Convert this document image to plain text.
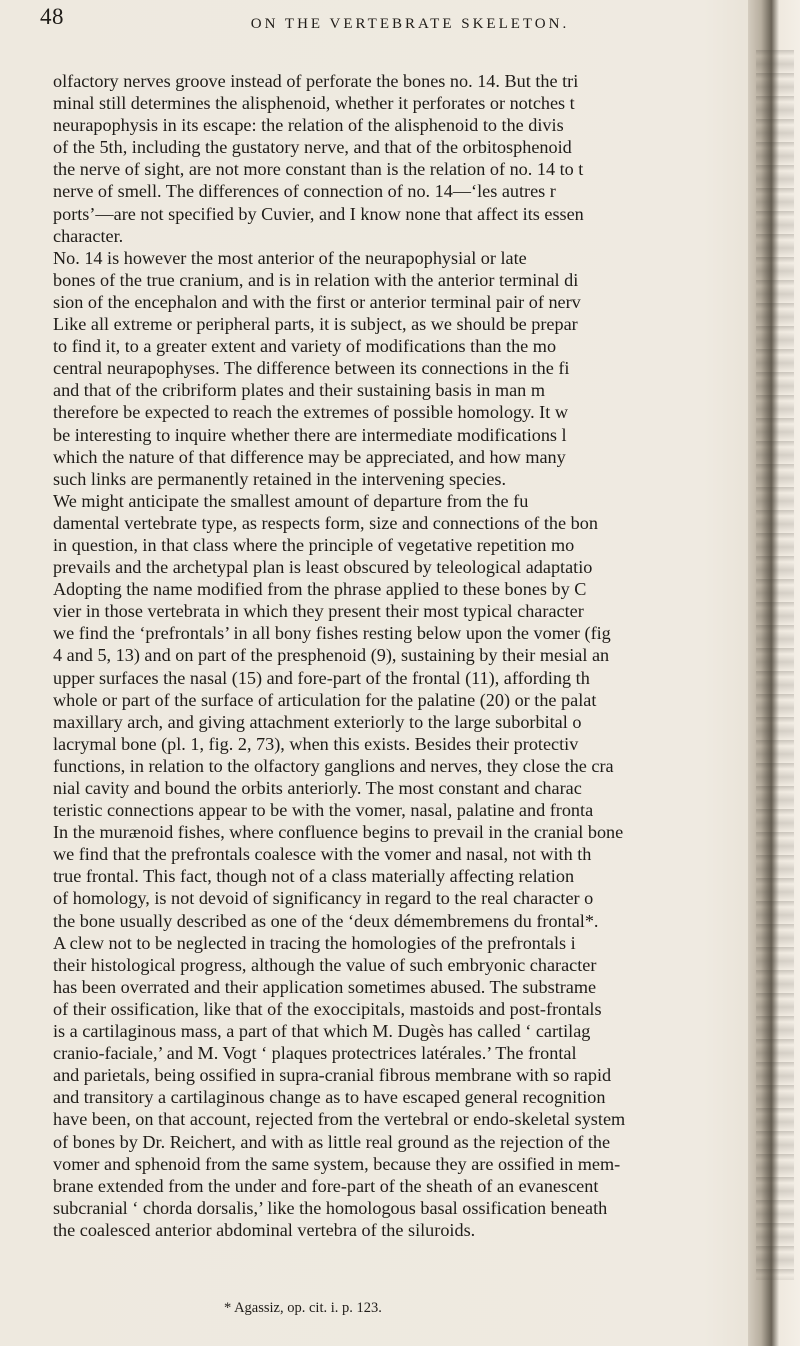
48	ON THE VERTEBRATE SKELETON.
olfactory nerves groove instead of perforate the bones no. 14. But the tri
minal still determines the alisphenoid, whether it perforates or notches t
neurapophysis in its escape: the relation of the alisphenoid to the divis
of the 5th, including the gustatory nerve, and that of the orbitosphenoid
the nerve of sight, are not more constant than is the relation of no. 14 to t
nerve of smell. The differences of connection of no. 14—‘les autres r
ports’—are not specified by Cuvier, and I know none that affect its essen
character.
No. 14 is however the most anterior of the neurapophysial or late
bones of the true cranium, and is in relation with the anterior terminal di
sion of the encephalon and with the first or anterior terminal pair of nerv
Like all extreme or peripheral parts, it is subject, as we should be prepar
to find it, to a greater extent and variety of modifications than the mo
central neurapophyses. The difference between its connections in the fi
and that of the cribriform plates and their sustaining basis in man m
therefore be expected to reach the extremes of possible homology. It w
be interesting to inquire whether there are intermediate modifications l
which the nature of that difference may be appreciated, and how many
such links are permanently retained in the intervening species.
We might anticipate the smallest amount of departure from the fu
damental vertebrate type, as respects form, size and connections of the bon
in question, in that class where the principle of vegetative repetition mo
prevails and the archetypal plan is least obscured by teleological adaptatio
Adopting the name modified from the phrase applied to these bones by C
vier in those vertebrata in which they present their most typical character
we find the ‘prefrontals’ in all bony fishes resting below upon the vomer (fig
4 and 5, 13) and on part of the presphenoid (9), sustaining by their mesial an
upper surfaces the nasal (15) and fore-part of the frontal (11), affording th
whole or part of the surface of articulation for the palatine (20) or the palat
maxillary arch, and giving attachment exteriorly to the large suborbital o
lacrymal bone (pl. 1, fig. 2, 73), when this exists. Besides their protectiv
functions, in relation to the olfactory ganglions and nerves, they close the cra
nial cavity and bound the orbits anteriorly. The most constant and charac
teristic connections appear to be with the vomer, nasal, palatine and fronta
In the murænoid fishes, where confluence begins to prevail in the cranial bone
we find that the prefrontals coalesce with the vomer and nasal, not with th
true frontal. This fact, though not of a class materially affecting relation
of homology, is not devoid of significancy in regard to the real character o
the bone usually described as one of the ‘deux démembremens du frontal*.
A clew not to be neglected in tracing the homologies of the prefrontals i
their histological progress, although the value of such embryonic character
has been overrated and their application sometimes abused. The substrame
of their ossification, like that of the exoccipitals, mastoids and post-frontals
is a cartilaginous mass, a part of that which M. Dugès has called ‘ cartilag
cranio-faciale,’ and M. Vogt ‘ plaques protectrices latérales.’ The frontal
and parietals, being ossified in supra-cranial fibrous membrane with so rapid
and transitory a cartilaginous change as to have escaped general recognition
have been, on that account, rejected from the vertebral or endo-skeletal system
of bones by Dr. Reichert, and with as little real ground as the rejection of the
vomer and sphenoid from the same system, because they are ossified in mem-
brane extended from the under and fore-part of the sheath of an evanescent
subcranial ‘ chorda dorsalis,’ like the homologous basal ossification beneath
the coalesced anterior abdominal vertebra of the siluroids.
* Agassiz, op. cit. i. p. 123.
